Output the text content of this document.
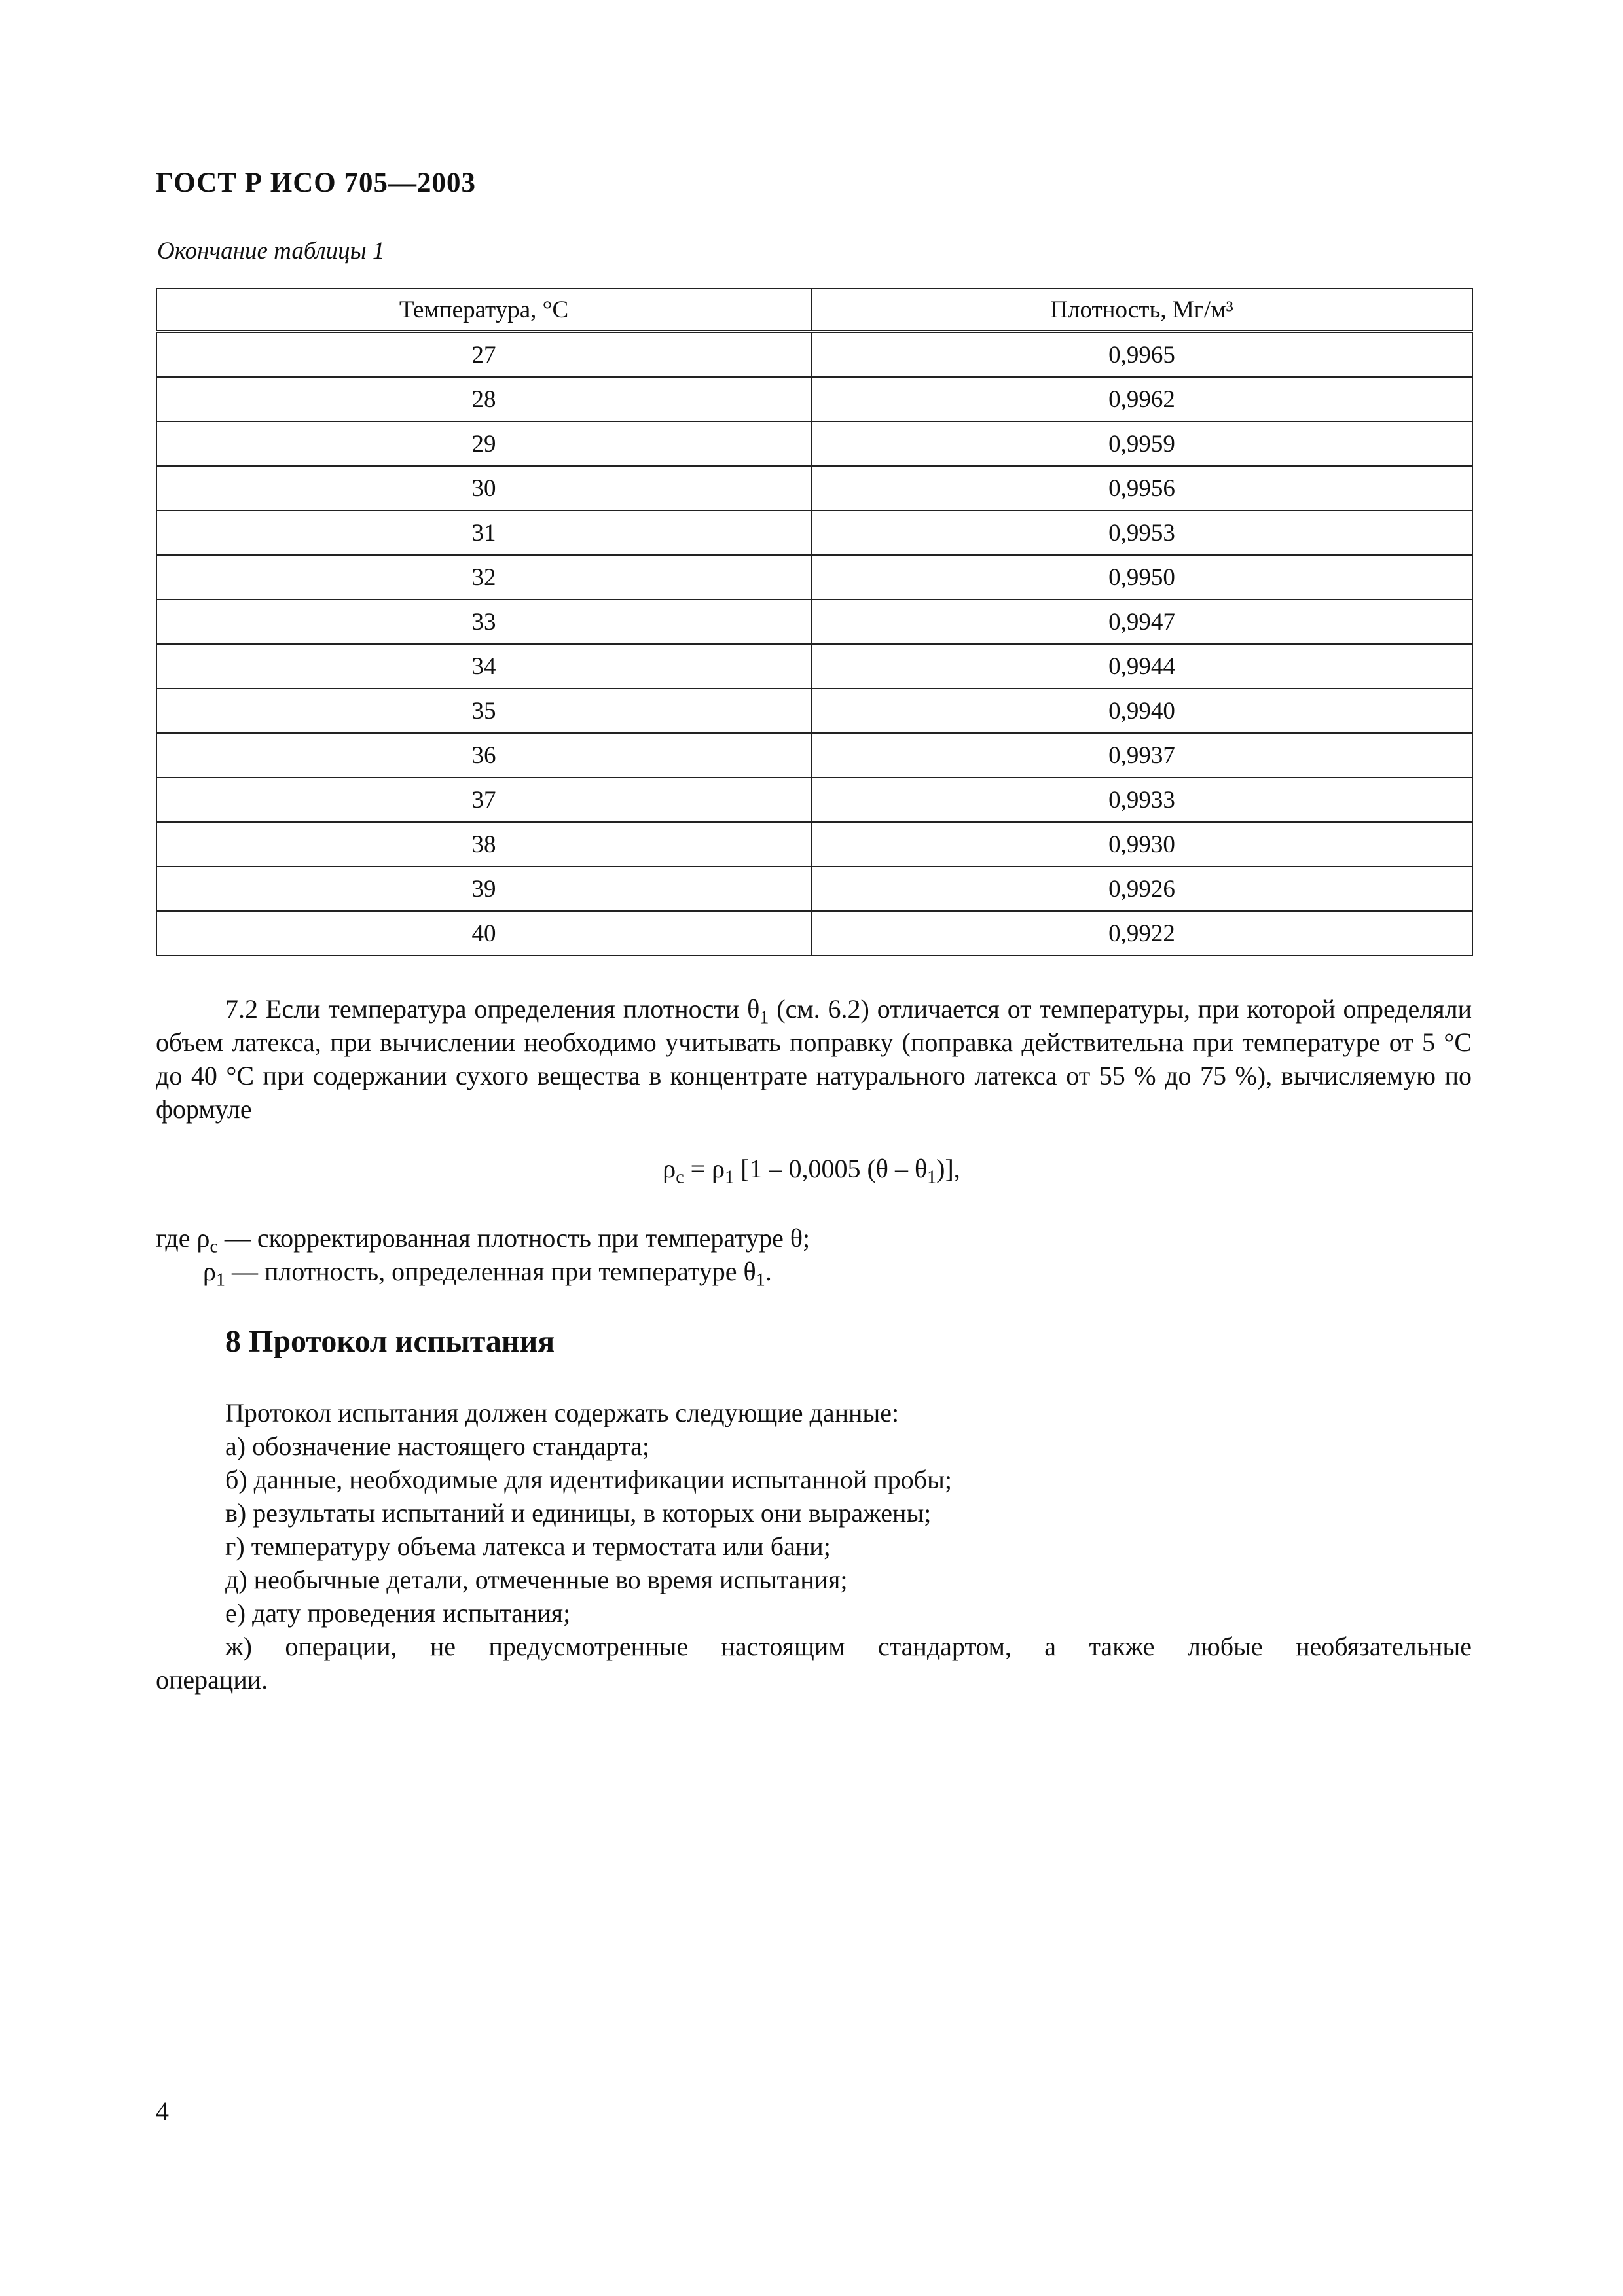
ГОСТ Р ИСО 705—2003
Окончание таблицы 1
Температура, °С	Плотность, Мг/м³
27	0,9965
28	0,9962
29	0,9959
30	0,9956
31	0,9953
32	0,9950
33	0,9947
34	0,9944
35	0,9940
36	0,9937
37	0,9933
38	0,9930
39	0,9926
40	0,9922

7.2 Если температура определения плотности $\theta_1$ (см. 6.2) отличается от температуры, при которой определяли объем латекса, при вычислении необходимо учитывать поправку (поправка действительна при температуре от 5 °С до 40 °С при содержании сухого вещества в концентрате натурального латекса от 55 % до 75 %), вычисляемую по формуле

$\rho_c = \rho_1$ [1 – 0,0005 $(\theta - \theta_1)$],

где $\rho_c$ — скорректированная плотность при температуре θ;
$\rho_1$ — плотность, определенная при температуре $\theta_1$.
8 Протокол испытания
Протокол испытания должен содержать следующие данные:
а) обозначение настоящего стандарта;
б) данные, необходимые для идентификации испытанной пробы;
в) результаты испытаний и единицы, в которых они выражены;
г) температуру объема латекса и термостата или бани;
д) необычные детали, отмеченные во время испытания;
е) дату проведения испытания;
ж) операции, не предусмотренные настоящим стандартом, а также любые необязательные
операции.
4
